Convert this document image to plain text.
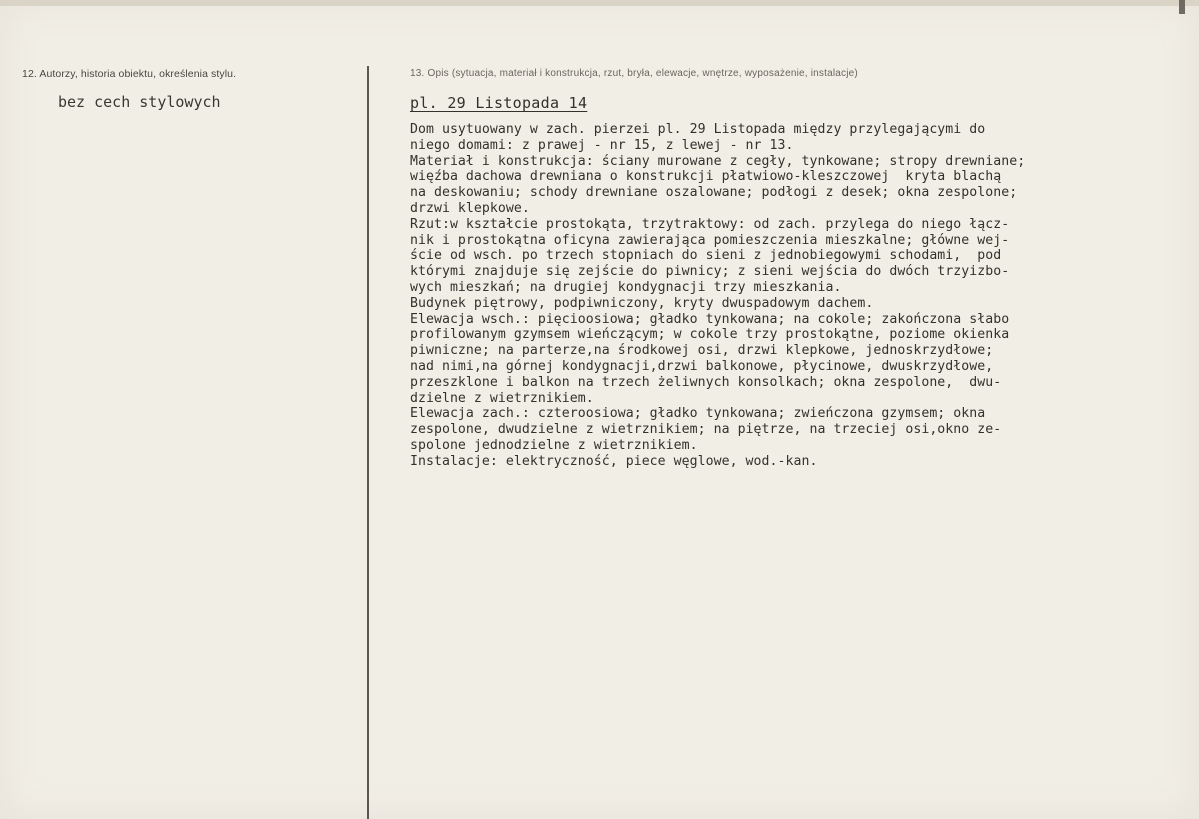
12. Autorzy, historia obiektu, określenia stylu.	13. Opis (sytuacja, materiał i konstrukcja, rzut, bryła, elewacje, wnętrze, wyposażenie, instalacje)
bez cech stylowych	pl. 29 Listopada 14
Dom usytuowany w zach. pierzei pl. 29 Listopada między przylegającymi do
niego domami: z prawej - nr 15, z lewej - nr 13.
Materiał i konstrukcja: ściany murowane z cegły, tynkowane; stropy drewniane;
więźba dachowa drewniana o konstrukcji płatwiowo-kleszczowej  kryta blachą
na deskowaniu; schody drewniane oszalowane; podłogi z desek; okna zespolone;
drzwi klepkowe.
Rzut:w kształcie prostokąta, trzytraktowy: od zach. przylega do niego łącz-
nik i prostokątna oficyna zawierająca pomieszczenia mieszkalne; główne wej-
ście od wsch. po trzech stopniach do sieni z jednobiegowymi schodami,  pod
którymi znajduje się zejście do piwnicy; z sieni wejścia do dwóch trzyizbo-
wych mieszkań; na drugiej kondygnacji trzy mieszkania.
Budynek piętrowy, podpiwniczony, kryty dwuspadowym dachem.
Elewacja wsch.: pięcioosiowa; gładko tynkowana; na cokole; zakończona słabo
profilowanym gzymsem wieńczącym; w cokole trzy prostokątne, poziome okienka
piwniczne; na parterze,na środkowej osi, drzwi klepkowe, jednoskrzydłowe;
nad nimi,na górnej kondygnacji,drzwi balkonowe, płycinowe, dwuskrzydłowe,
przeszklone i balkon na trzech żeliwnych konsolkach; okna zespolone,  dwu-
dzielne z wietrznikiem.
Elewacja zach.: czteroosiowa; gładko tynkowana; zwieńczona gzymsem; okna
zespolone, dwudzielne z wietrznikiem; na piętrze, na trzeciej osi,okno ze-
spolone jednodzielne z wietrznikiem.
Instalacje: elektryczność, piece węglowe, wod.-kan.
